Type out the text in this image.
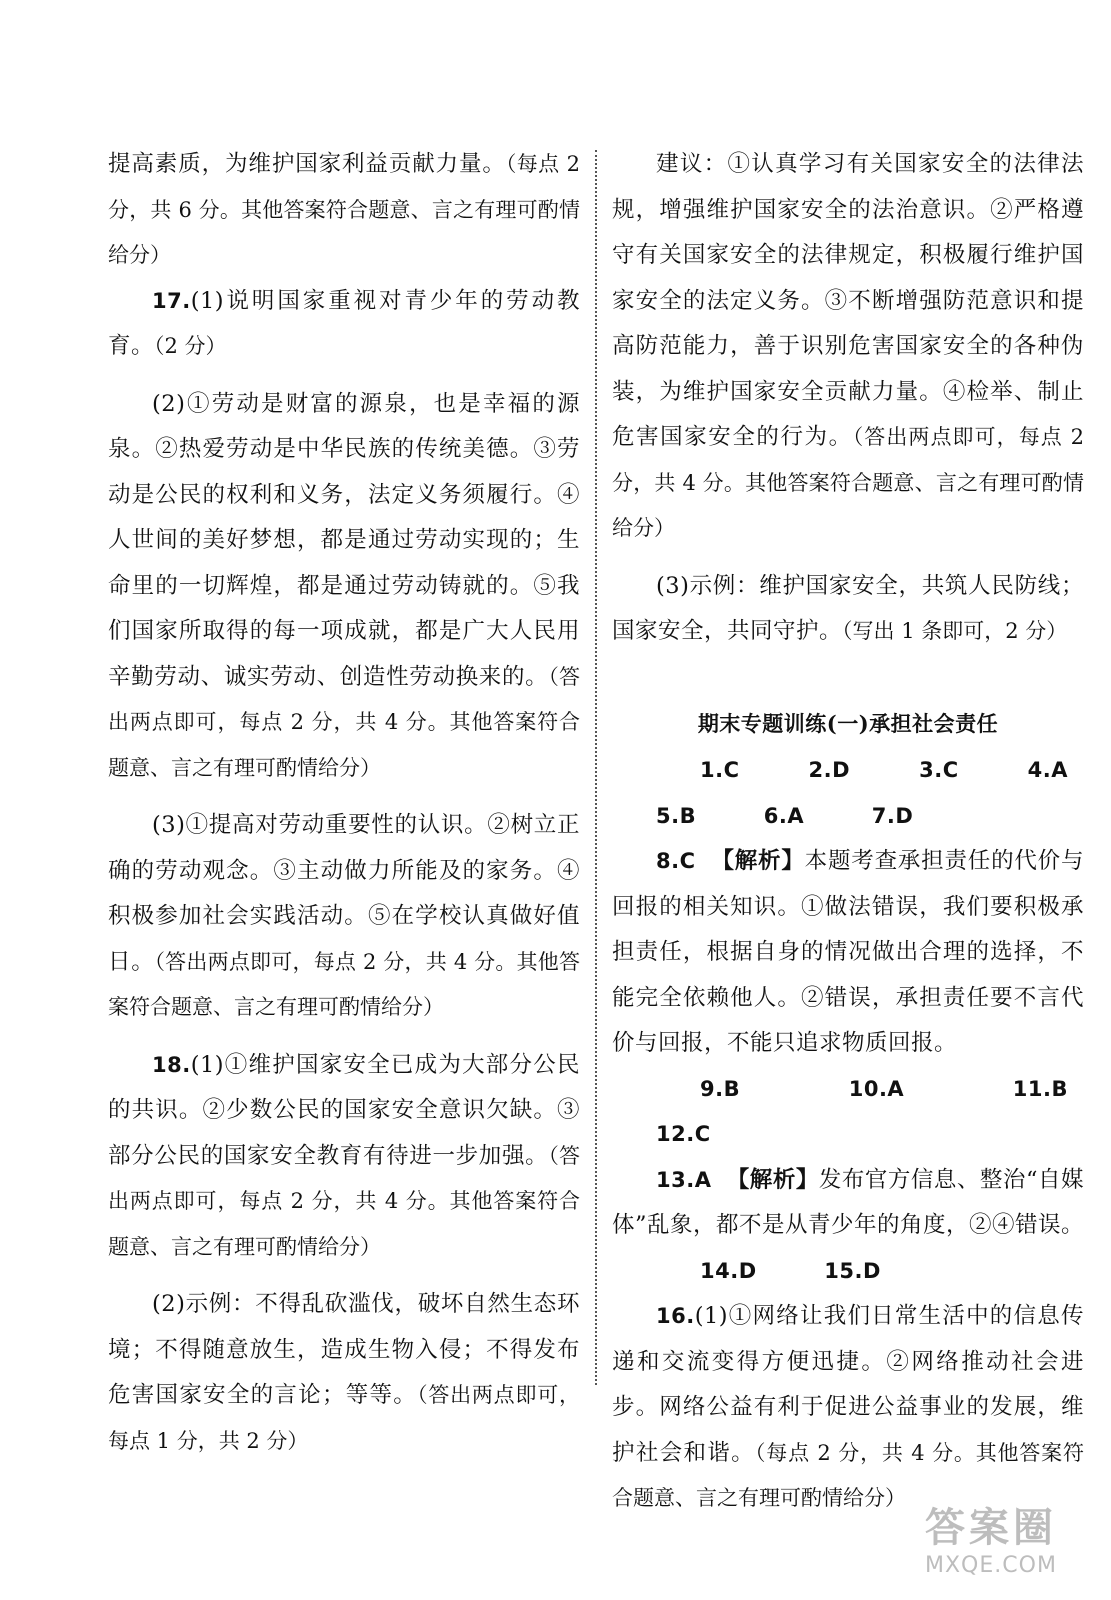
提高素质，为维护国家利益贡献力量。（每点 2 分，共 6 分。其他答案符合题意、言之有理可酌情给分）

17.(1)说明国家重视对青少年的劳动教育。（2 分）

(2)①劳动是财富的源泉，也是幸福的源泉。②热爱劳动是中华民族的传统美德。③劳动是公民的权利和义务，法定义务须履行。④人世间的美好梦想，都是通过劳动实现的；生命里的一切辉煌，都是通过劳动铸就的。⑤我们国家所取得的每一项成就，都是广大人民用辛勤劳动、诚实劳动、创造性劳动换来的。（答出两点即可，每点 2 分，共 4 分。其他答案符合题意、言之有理可酌情给分）

(3)①提高对劳动重要性的认识。②树立正确的劳动观念。③主动做力所能及的家务。④积极参加社会实践活动。⑤在学校认真做好值日。（答出两点即可，每点 2 分，共 4 分。其他答案符合题意、言之有理可酌情给分）

18.(1)①维护国家安全已成为大部分公民的共识。②少数公民的国家安全意识欠缺。③部分公民的国家安全教育有待进一步加强。（答出两点即可，每点 2 分，共 4 分。其他答案符合题意、言之有理可酌情给分）

(2)示例：不得乱砍滥伐，破坏自然生态环境；不得随意放生，造成生物入侵；不得发布危害国家安全的言论；等等。（答出两点即可，每点 1 分，共 2 分）

建议：①认真学习有关国家安全的法律法规，增强维护国家安全的法治意识。②严格遵守有关国家安全的法律规定，积极履行维护国家安全的法定义务。③不断增强防范意识和提高防范能力，善于识别危害国家安全的各种伪装，为维护国家安全贡献力量。④检举、制止危害国家安全的行为。（答出两点即可，每点 2 分，共 4 分。其他答案符合题意、言之有理可酌情给分）

(3)示例：维护国家安全，共筑人民防线；国家安全，共同守护。（写出 1 条即可，2 分）

期末专题训练(一)承担社会责任

1.C	2.D	3.C	4.A 5.B	6.A	7.D

8.C 【解析】本题考查承担责任的代价与回报的相关知识。①做法错误，我们要积极承担责任，根据自身的情况做出合理的选择，不能完全依赖他人。②错误，承担责任要不言代价与回报，不能只追求物质回报。

9.B	10.A	11.B 12.C

13.A 【解析】发布官方信息、整治“自媒体”乱象，都不是从青少年的角度，②④错误。

14.D	15.D

16.(1)①网络让我们日常生活中的信息传递和交流变得方便迅捷。②网络推动社会进步。网络公益有利于促进公益事业的发展，维护社会和谐。（每点 2 分，共 4 分。其他答案符合题意、言之有理可酌情给分）

答案圈
MXQE.COM
